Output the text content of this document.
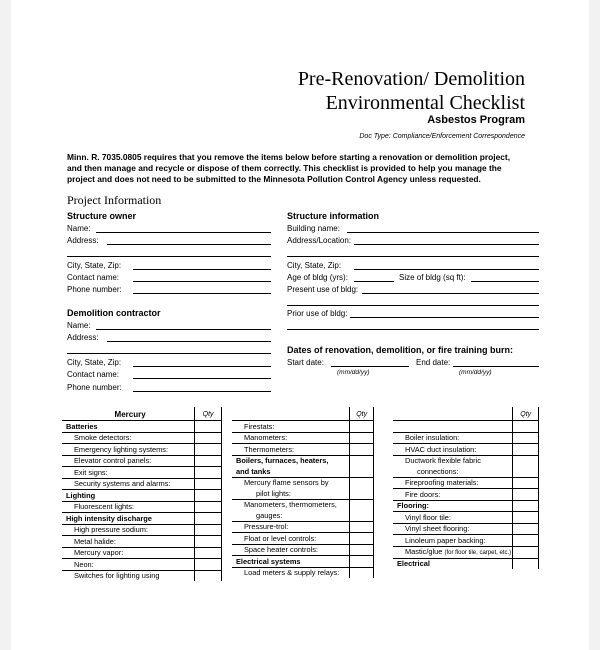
Pre-Renovation/ Demolition
Environmental Checklist
Asbestos Program
Doc Type: Compliance/Enforcement Correspondence
Minn. R. 7035.0805 requires that you remove the items below before starting a renovation or demolition project,
and then manage and recycle or dispose of them correctly. This checklist is provided to help you manage the
project and does not need to be submitted to the Minnesota Pollution Control Agency unless requested.
Project Information
Structure owner
Name:
Address:
City, State, Zip:
Contact name:
Phone number:
Structure information
Building name:
Address/Location:
City, State, Zip:
Age of bldg (yrs):	Size of bldg (sq ft):
Present use of bldg:
Prior use of bldg:
Demolition contractor
Name:
Address:
City, State, Zip:
Contact name:
Phone number:
Dates of renovation, demolition, or fire training burn:
Start date:
(mm/dd/yy)
End date:
(mm/dd/yy)
Mercury	Qty
Batteries	
Smoke detectors:	
Emergency lighting systems:	
Elevator control panels:	
Exit signs:	
Security systems and alarms:	
Lighting	
Fluorescent lights:	
High intensity discharge	
High pressure sodium:	
Metal halide:	
Mercury vapor:	
Neon:	
Switches for lighting using	
	Qty
Firestats:	
Manometers:	
Thermometers:	
Boilers, furnaces, heaters,	
and tanks	
Mercury flame sensors by	
pilot lights:	
Manometers, thermometers,	
gauges:	
Pressure-trol:	
Float or level controls:	
Space heater controls:	
Electrical systems	
Load meters & supply relays:	
	Qty

Boiler insulation:	
HVAC duct insulation:	
Ductwork flexible fabric	
connections:	
Fireproofing materials:	
Fire doors:	
Flooring:	
Vinyl floor tile:	
Vinyl sheet flooring:	
Linoleum paper backing:	
Mastic/glue (for floor tile, carpet, etc.)	
Electrical	
